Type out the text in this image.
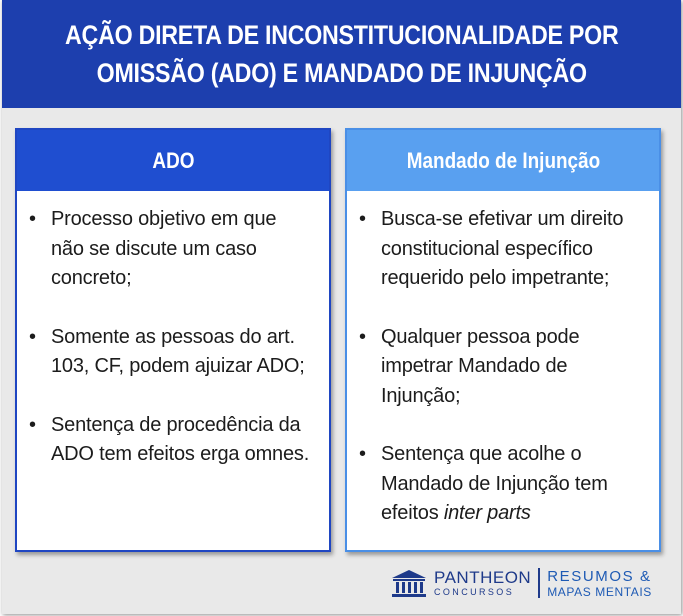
AÇÃO DIRETA DE INCONSTITUCIONALIDADE POR
OMISSÃO (ADO) E MANDADO DE INJUNÇÃO
ADO
• Processo objetivo em que
não se discute um caso
concreto;
• Somente as pessoas do art.
103, CF, podem ajuizar ADO;
• Sentença de procedência da
ADO tem efeitos erga omnes.
Mandado de Injunção
• Busca-se efetivar um direito
constitucional específico
requerido pelo impetrante;
• Qualquer pessoa pode
impetrar Mandado de
Injunção;
• Sentença que acolhe o
Mandado de Injunção tem
efeitos inter parts
PANTHEON
CONCURSOS
RESUMOS &
MAPAS MENTAIS
